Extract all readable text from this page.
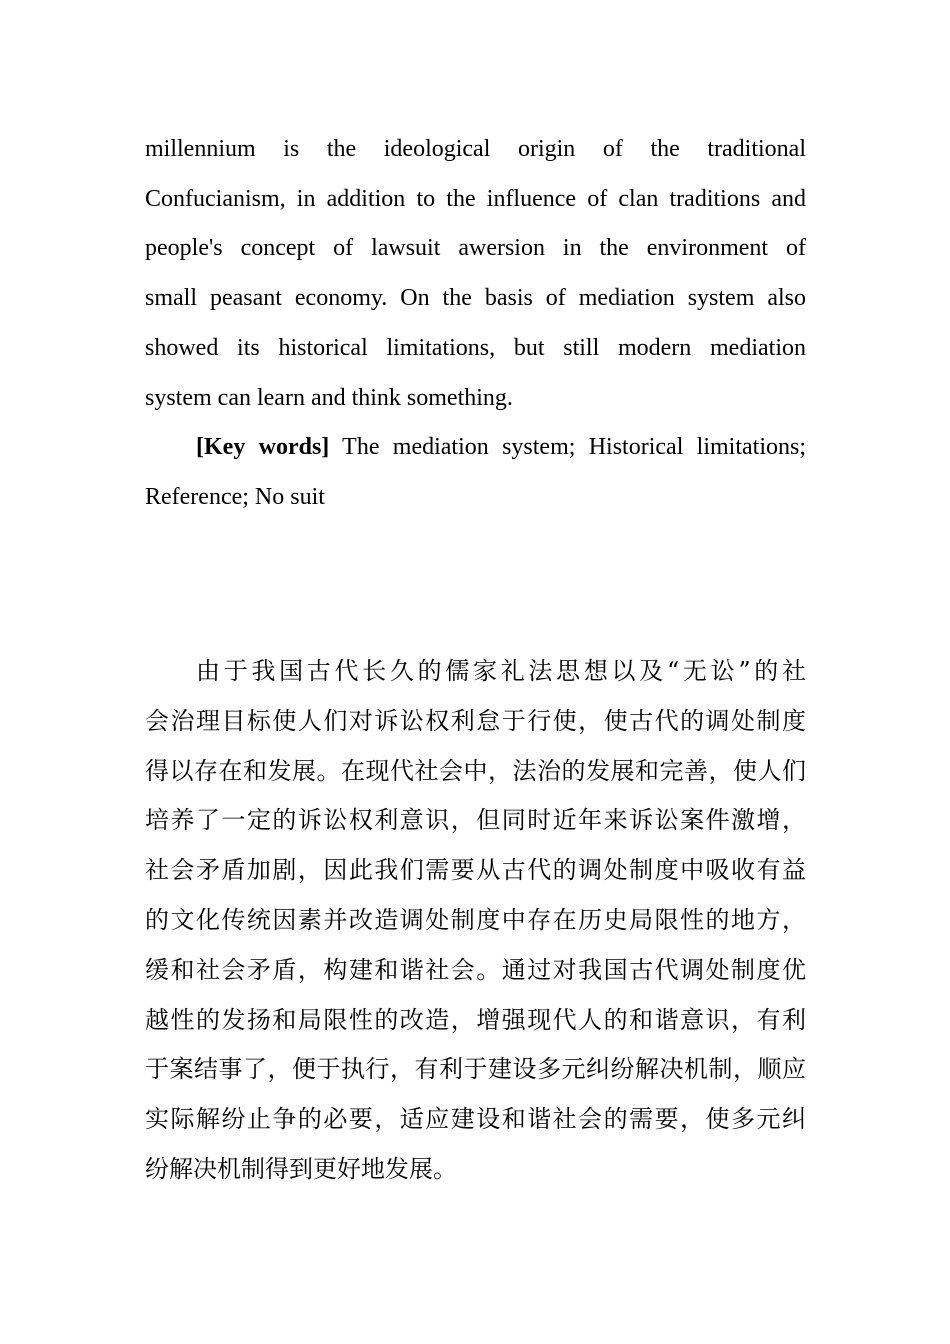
millennium is the ideological origin of the traditional
Confucianism, in addition to the influence of clan traditions and
people's concept of lawsuit awersion in the environment of
small peasant economy. On the basis of mediation system also
showed its historical limitations, but still modern mediation
system can learn and think something.

[Key words] The mediation system; Historical limitations;
Reference; No suit

由于我国古代长久的儒家礼法思想以及“无讼”的社
会治理目标使人们对诉讼权利怠于行使，使古代的调处制度
得以存在和发展。在现代社会中，法治的发展和完善，使人们
培养了一定的诉讼权利意识，但同时近年来诉讼案件激增，
社会矛盾加剧，因此我们需要从古代的调处制度中吸收有益
的文化传统因素并改造调处制度中存在历史局限性的地方，
缓和社会矛盾，构建和谐社会。通过对我国古代调处制度优
越性的发扬和局限性的改造，增强现代人的和谐意识，有利
于案结事了，便于执行，有利于建设多元纠纷解决机制，顺应
实际解纷止争的必要，适应建设和谐社会的需要，使多元纠
纷解决机制得到更好地发展。
